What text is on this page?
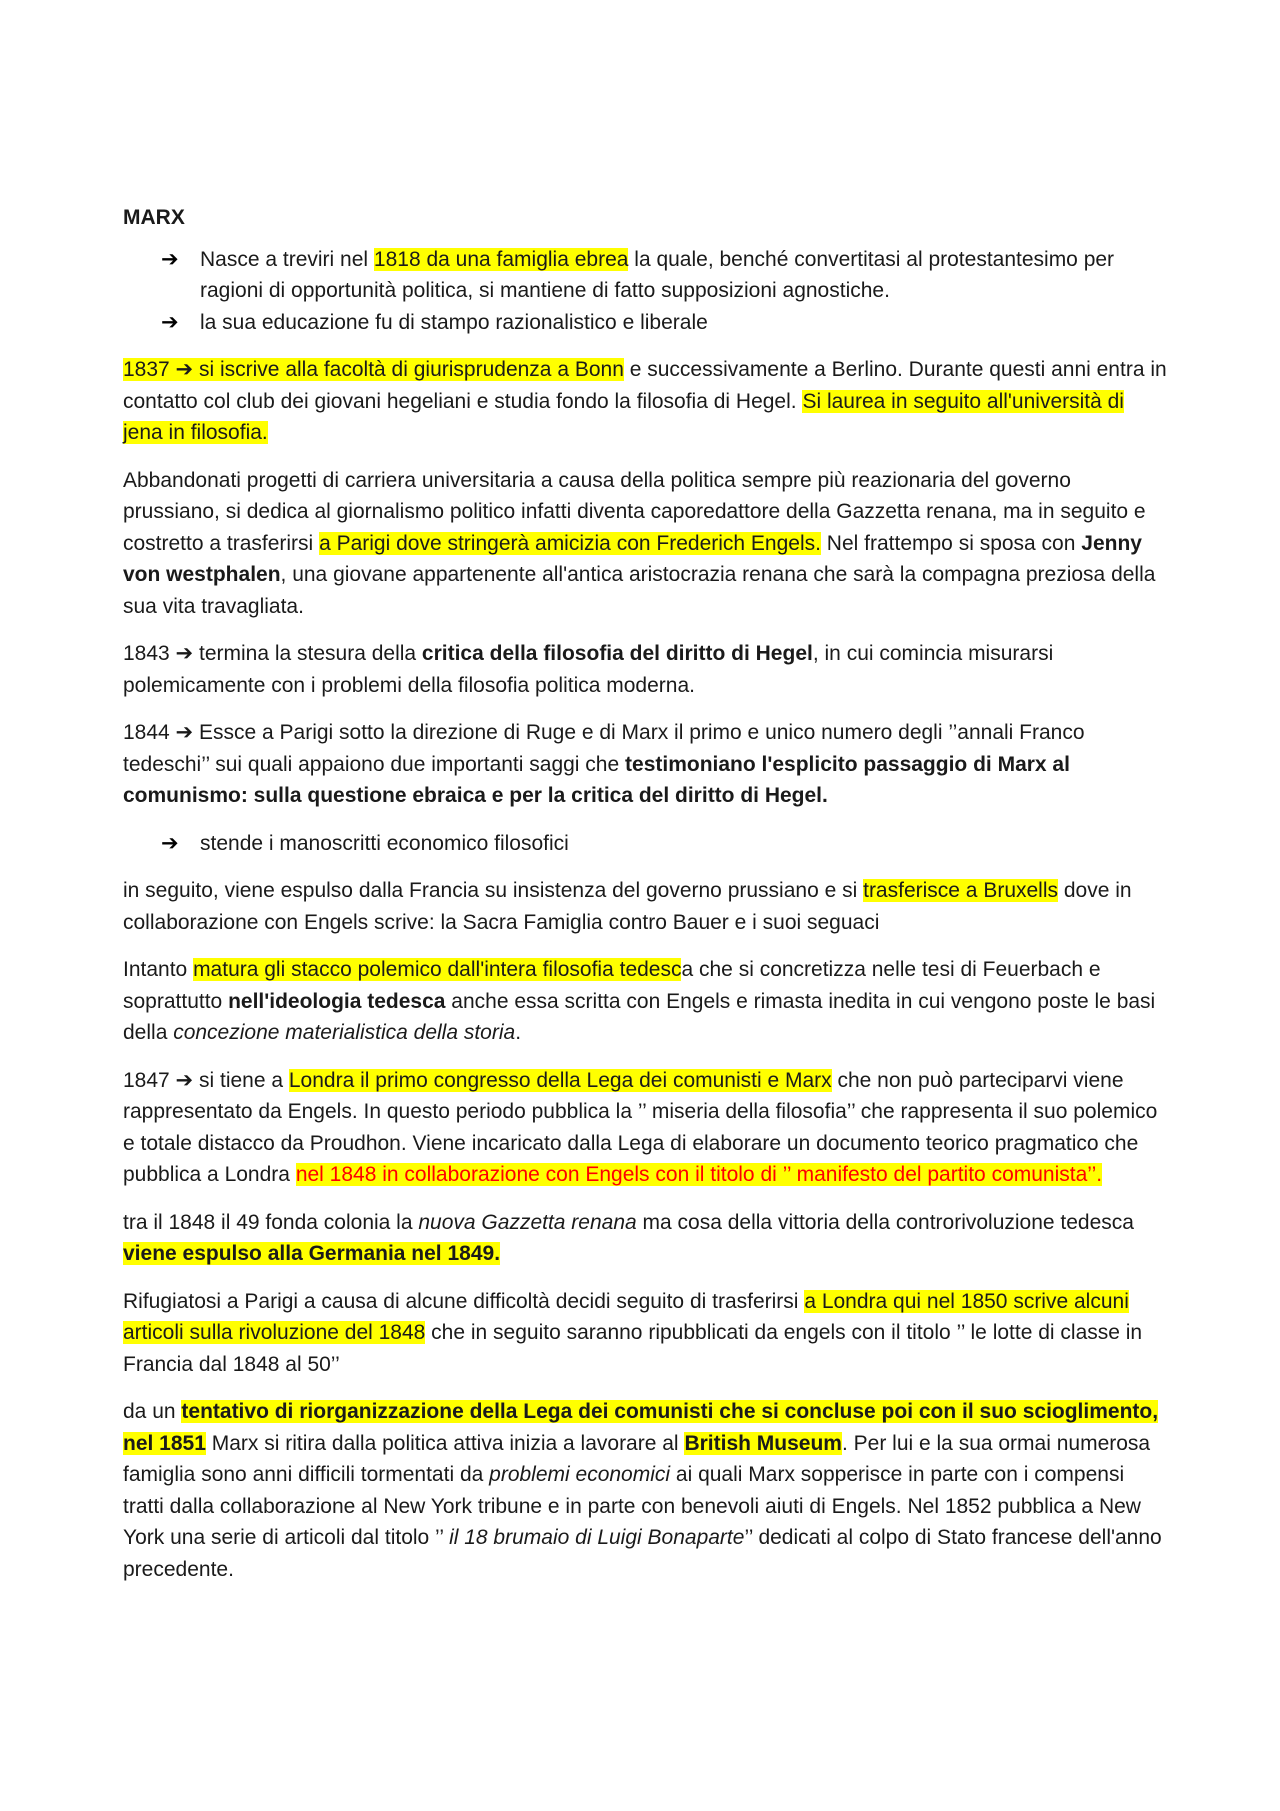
MARX
➔ Nasce a treviri nel 1818 da una famiglia ebrea la quale, benché convertitasi al protestantesimo per ragioni di opportunità politica, si mantiene di fatto supposizioni agnostiche.
➔ la sua educazione fu di stampo razionalistico e liberale

1837 ➔ si iscrive alla facoltà di giurisprudenza a Bonn e successivamente a Berlino. Durante questi anni entra in contatto col club dei giovani hegeliani e studia fondo la filosofia di Hegel. Si laurea in seguito all'università di jena in filosofia.

Abbandonati progetti di carriera universitaria a causa della politica sempre più reazionaria del governo prussiano, si dedica al giornalismo politico infatti diventa caporedattore della Gazzetta renana, ma in seguito e costretto a trasferirsi a Parigi dove stringerà amicizia con Frederich Engels. Nel frattempo si sposa con Jenny von westphalen, una giovane appartenente all'antica aristocrazia renana che sarà la compagna preziosa della sua vita travagliata.

1843 ➔ termina la stesura della critica della filosofia del diritto di Hegel, in cui comincia misurarsi polemicamente con i problemi della filosofia politica moderna.

1844 ➔ Essce a Parigi sotto la direzione di Ruge e di Marx il primo e unico numero degli ’’annali Franco tedeschi’’ sui quali appaiono due importanti saggi che testimoniano l'esplicito passaggio di Marx al comunismo: sulla questione ebraica e per la critica del diritto di Hegel.

➔ stende i manoscritti economico filosofici

in seguito, viene espulso dalla Francia su insistenza del governo prussiano e si trasferisce a Bruxells dove in collaborazione con Engels scrive: la Sacra Famiglia contro Bauer e i suoi seguaci

Intanto matura gli stacco polemico dall'intera filosofia tedesca che si concretizza nelle tesi di Feuerbach e soprattutto nell'ideologia tedesca anche essa scritta con Engels e rimasta inedita in cui vengono poste le basi della concezione materialistica della storia.

1847 ➔ si tiene a Londra il primo congresso della Lega dei comunisti e Marx che non può parteciparvi viene rappresentato da Engels. In questo periodo pubblica la ’’ miseria della filosofia’’ che rappresenta il suo polemico e totale distacco da Proudhon. Viene incaricato dalla Lega di elaborare un documento teorico pragmatico che pubblica a Londra nel 1848 in collaborazione con Engels con il titolo di ’’ manifesto del partito comunista’’.

tra il 1848 il 49 fonda colonia la nuova Gazzetta renana ma cosa della vittoria della controrivoluzione tedesca viene espulso alla Germania nel 1849.

Rifugiatosi a Parigi a causa di alcune difficoltà decidi seguito di trasferirsi a Londra qui nel 1850 scrive alcuni articoli sulla rivoluzione del 1848 che in seguito saranno ripubblicati da engels con il titolo ’’ le lotte di classe in Francia dal 1848 al 50’’

da un tentativo di riorganizzazione della Lega dei comunisti che si concluse poi con il suo scioglimento, nel 1851 Marx si ritira dalla politica attiva inizia a lavorare al British Museum. Per lui e la sua ormai numerosa famiglia sono anni difficili tormentati da problemi economici ai quali Marx sopperisce in parte con i compensi tratti dalla collaborazione al New York tribune e in parte con benevoli aiuti di Engels. Nel 1852 pubblica a New York una serie di articoli dal titolo ’’ il 18 brumaio di Luigi Bonaparte’’ dedicati al colpo di Stato francese dell'anno precedente.
